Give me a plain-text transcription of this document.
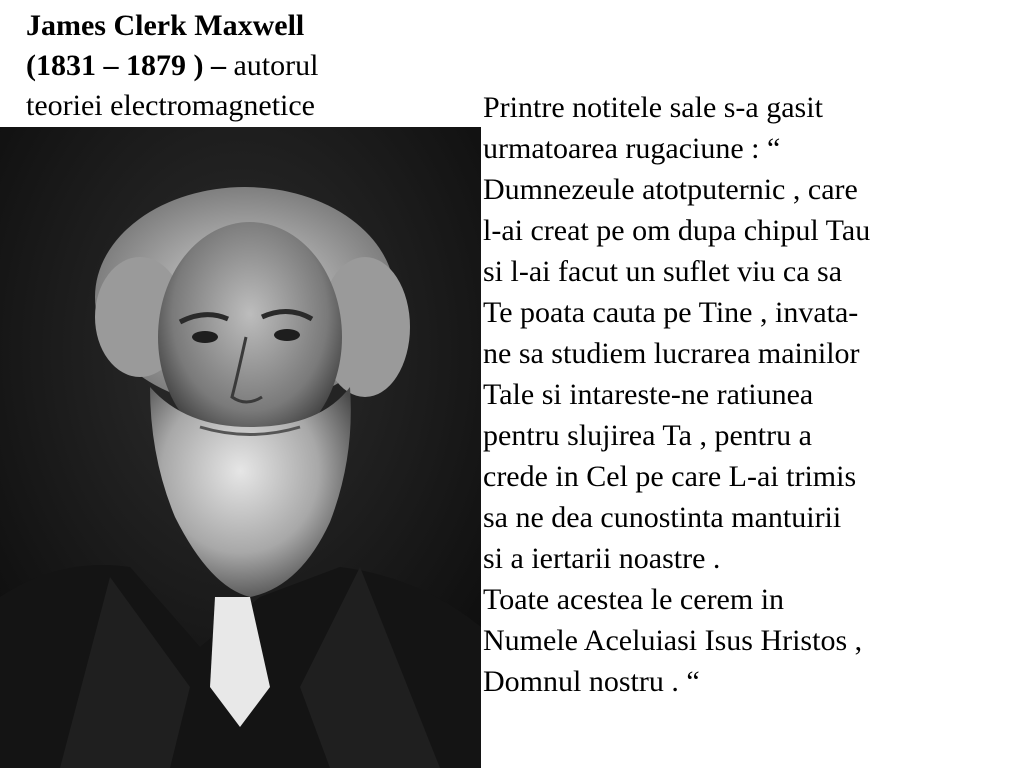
James Clerk Maxwell
(1831 – 1879 ) – autorul
teoriei electromagnetice	Printre notitele sale s-a gasit
urmatoarea rugaciune : “
Dumnezeule atotputernic , care
l-ai creat pe om dupa chipul Tau
si l-ai facut un suflet viu ca sa
Te poata cauta pe Tine , invata-
ne sa studiem lucrarea mainilor
Tale si intareste-ne ratiunea
pentru slujirea Ta , pentru a
crede in Cel pe care L-ai trimis
sa ne dea cunostinta mantuirii
si a iertarii noastre .
Toate acestea le cerem in
Numele Aceluiasi Isus Hristos ,
Domnul nostru . “
